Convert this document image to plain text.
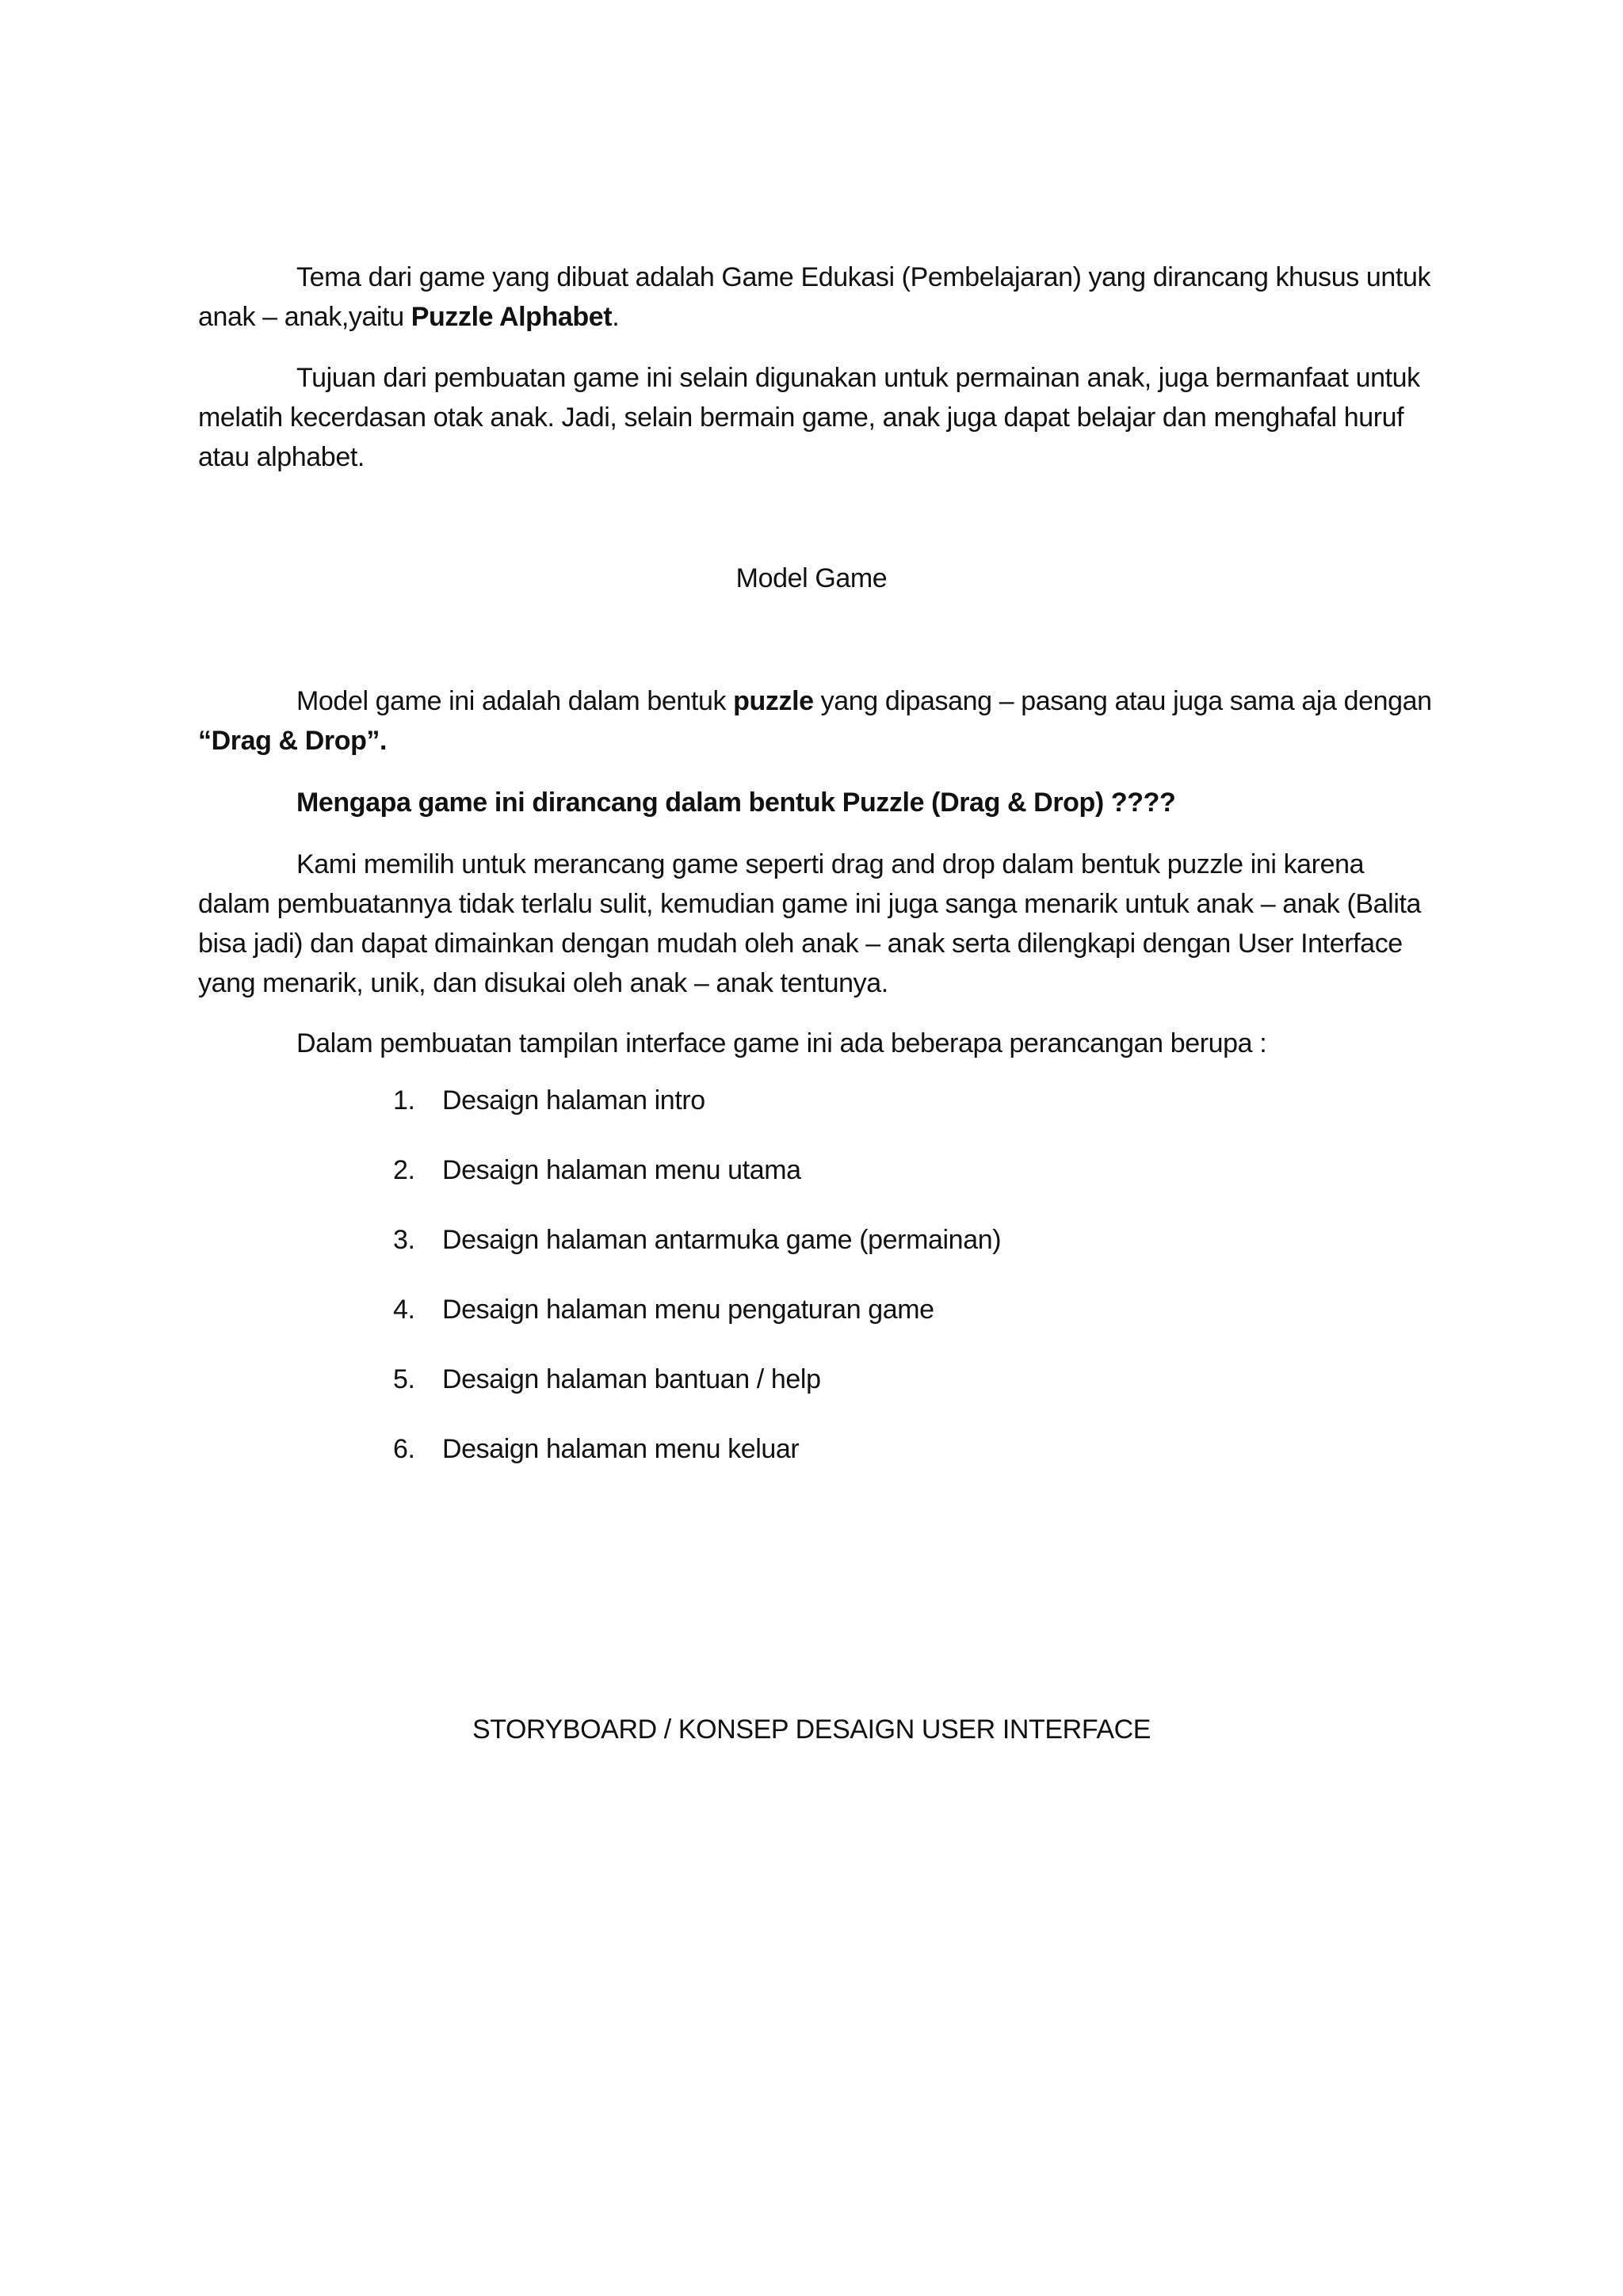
Tema dari game yang dibuat adalah Game Edukasi (Pembelajaran) yang dirancang khusus untuk anak – anak,yaitu Puzzle Alphabet.

Tujuan dari pembuatan game ini selain digunakan untuk permainan anak, juga bermanfaat untuk melatih kecerdasan otak anak. Jadi, selain bermain game, anak juga dapat belajar dan menghafal huruf atau alphabet.

Model Game

Model game ini adalah dalam bentuk puzzle yang dipasang – pasang atau juga sama aja dengan “Drag & Drop”.

Mengapa game ini dirancang dalam bentuk Puzzle (Drag & Drop) ????

Kami memilih untuk merancang game seperti drag and drop dalam bentuk puzzle ini karena dalam pembuatannya tidak terlalu sulit, kemudian game ini juga sanga menarik untuk anak – anak (Balita bisa jadi) dan dapat dimainkan dengan mudah oleh anak – anak serta dilengkapi dengan User Interface yang menarik, unik, dan disukai oleh anak – anak tentunya.

Dalam pembuatan tampilan interface game ini ada beberapa perancangan berupa :
1. Desaign halaman intro
2. Desaign halaman menu utama
3. Desaign halaman antarmuka game (permainan)
4. Desaign halaman menu pengaturan game
5. Desaign halaman bantuan / help
6. Desaign halaman menu keluar
STORYBOARD / KONSEP DESAIGN USER INTERFACE
